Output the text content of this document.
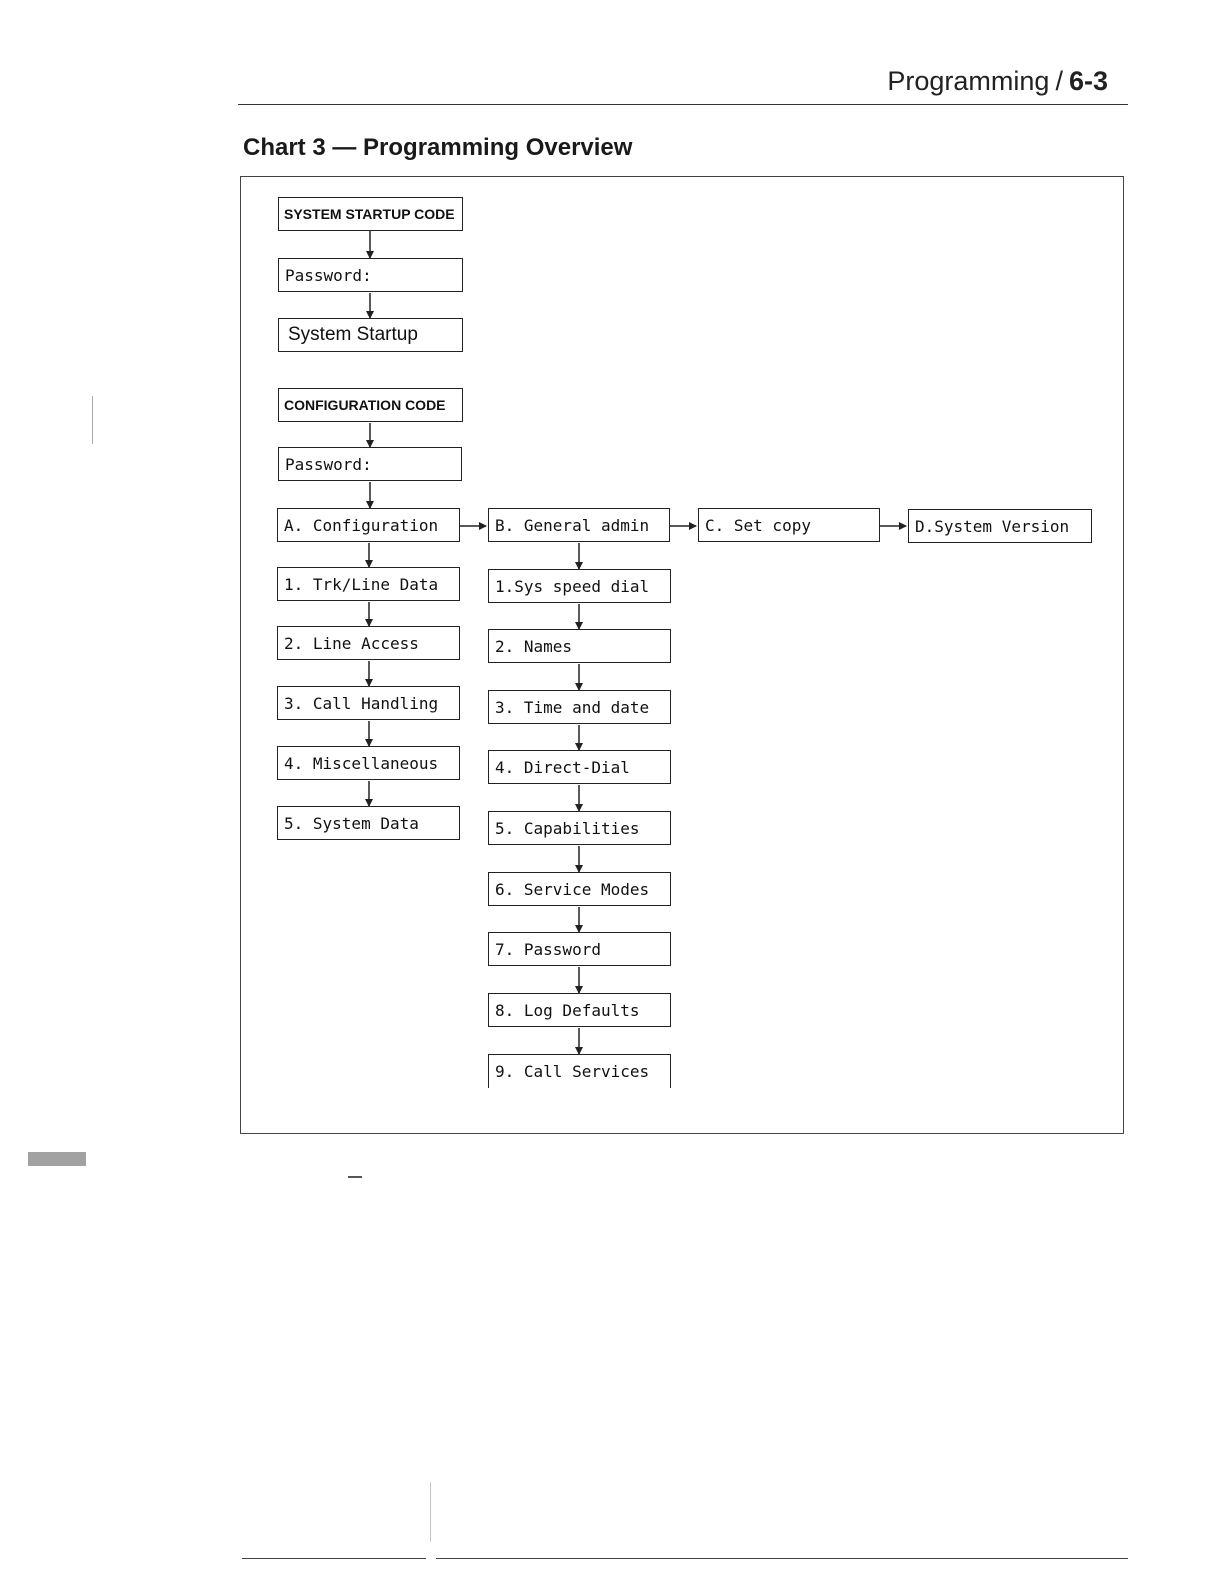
Programming / 6-3
Chart 3 — Programming Overview
SYSTEM STARTUP CODE
Password:
System Startup
CONFIGURATION CODE
Password:
A. Configuration	B. General admin	C. Set copy	D.System Version
1. Trk/Line Data
2. Line Access
3. Call Handling
4. Miscellaneous
5. System Data
1.Sys speed dial
2. Names
3. Time and date
4. Direct-Dial
5. Capabilities
6. Service Modes
7. Password
8. Log Defaults
9. Call Services
